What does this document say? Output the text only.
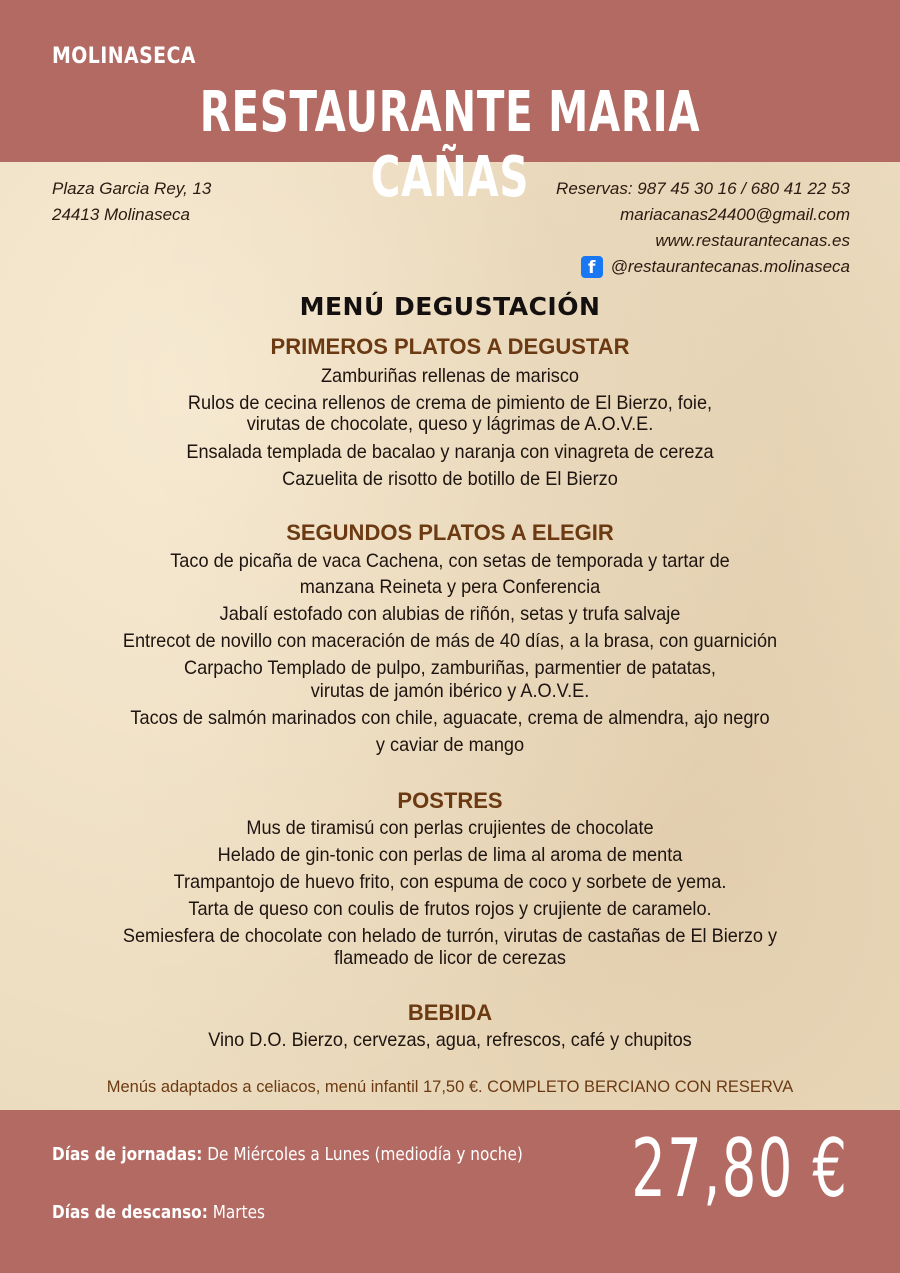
MOLINASECA
RESTAURANTE MARIA CAÑAS
Plaza Garcia Rey, 13
24413 Molinaseca
Reservas: 987 45 30 16 / 680 41 22 53
mariacanas24400@gmail.com
www.restaurantecanas.es
f @restaurantecanas.molinaseca
MENÚ DEGUSTACIÓN
PRIMEROS PLATOS A DEGUSTAR
Zamburiñas rellenas de marisco
Rulos de cecina rellenos de crema de pimiento de El Bierzo, foie,
virutas de chocolate, queso y lágrimas de A.O.V.E.
Ensalada templada de bacalao y naranja con vinagreta de cereza
Cazuelita de risotto de botillo de El Bierzo
SEGUNDOS PLATOS A ELEGIR
Taco de picaña de vaca Cachena, con setas de temporada y tartar de
manzana Reineta y pera Conferencia
Jabalí estofado con alubias de riñón, setas y trufa salvaje
Entrecot de novillo con maceración de más de 40 días, a la brasa, con guarnición
Carpacho Templado de pulpo, zamburiñas, parmentier de patatas,
virutas de jamón ibérico y A.O.V.E.
Tacos de salmón marinados con chile, aguacate, crema de almendra, ajo negro
y caviar de mango
POSTRES
Mus de tiramisú con perlas crujientes de chocolate
Helado de gin-tonic con perlas de lima al aroma de menta
Trampantojo de huevo frito, con espuma de coco y sorbete de yema.
Tarta de queso con coulis de frutos rojos y crujiente de caramelo.
Semiesfera de chocolate con helado de turrón, virutas de castañas de El Bierzo y
flameado de licor de cerezas
BEBIDA
Vino D.O. Bierzo, cervezas, agua, refrescos, café y chupitos
Menús adaptados a celiacos, menú infantil 17,50 €. COMPLETO BERCIANO CON RESERVA
Días de jornadas: De Miércoles a Lunes (mediodía y noche)
Días de descanso: Martes	27,80 €
